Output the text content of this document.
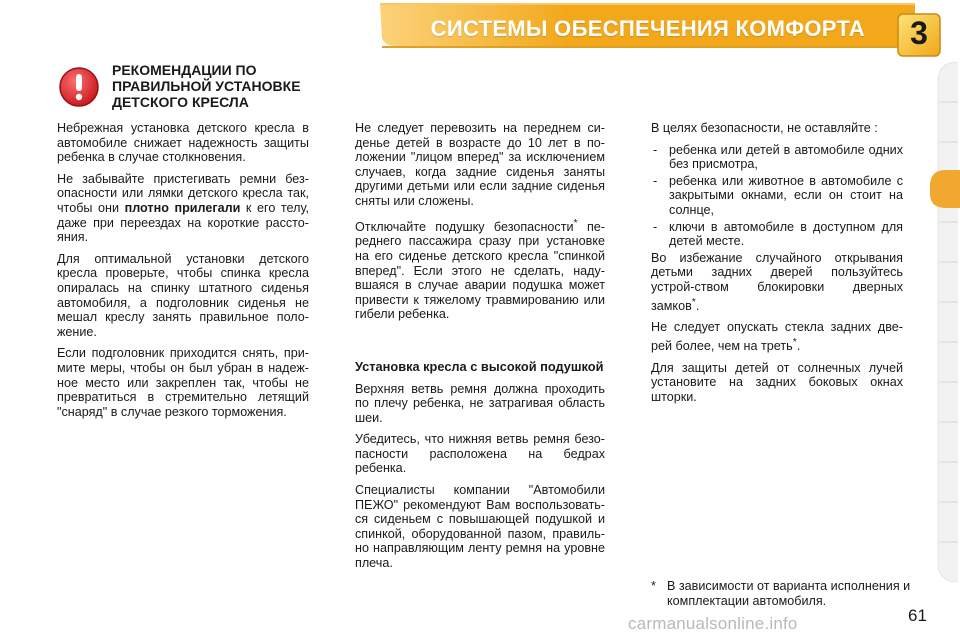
СИСТЕМЫ ОБЕСПЕЧЕНИЯ КОМФОРТА	3
РЕКОМЕНДАЦИИ ПО
ПРАВИЛЬНОЙ УСТАНОВКЕ
ДЕТСКОГО КРЕСЛА

Небрежная установка детского кресла в автомобиле снижает надежность защиты ребенка в случае столкновения.

Не забывайте пристегивать ремни без-опасности или лямки детского кресла так, чтобы они плотно прилегали к его телу, даже при переездах на короткие рассто-яния.

Для оптимальной установки детского кресла проверьте, чтобы спинка кресла опиралась на спинку штатного сиденья автомобиля, а подголовник сиденья не мешал креслу занять правильное поло-жение.

Если подголовник приходится снять, при-мите меры, чтобы он был убран в надеж-ное место или закреплен так, чтобы не превратиться в стремительно летящий "снаряд" в случае резкого торможения.

Не следует перевозить на переднем си-денье детей в возрасте до 10 лет в по-ложении "лицом вперед" за исключением случаев, когда задние сиденья заняты другими детьми или если задние сиденья сняты или сложены.

Отключайте подушку безопасности* пе-реднего пассажира сразу при установке на его сиденье детского кресла "спинкой вперед". Если этого не сделать, наду-вшаяся в случае аварии подушка может привести к тяжелому травмированию или гибели ребенка.

Установка кресла с высокой подушкой

Верхняя ветвь ремня должна проходить по плечу ребенка, не затрагивая область шеи.

Убедитесь, что нижняя ветвь ремня безо-пасности расположена на бедрах ребенка.

Специалисты компании "Автомобили ПЕЖО" рекомендуют Вам воспользовать-ся сиденьем с повышающей подушкой и спинкой, оборудованной пазом, правиль-но направляющим ленту ремня на уровне плеча.

В целях безопасности, не оставляйте :

- ребенка или детей в автомобиле одних без присмотра,
- ребенка или животное в автомобиле с закрытыми окнами, если он стоит на солнце,
- ключи в автомобиле в доступном для детей месте.

Во избежание случайного открывания детьми задних дверей пользуйтесь устрой-ством блокировки дверных замков*.

Не следует опускать стекла задних две-рей более, чем на треть*.

Для защиты детей от солнечных лучей установите на задних боковых окнах шторки.

* В зависимости от варианта исполнения и комплектации автомобиля.
carmanualsonline.info	61
